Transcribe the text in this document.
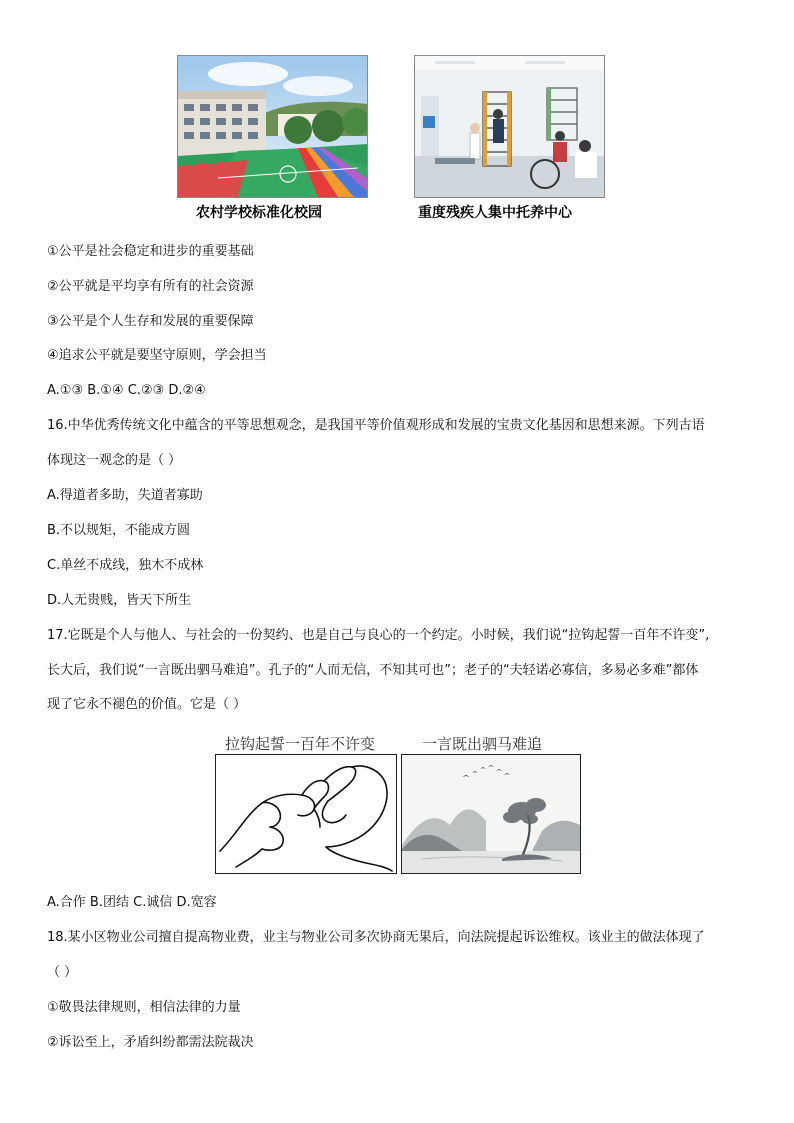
农村学校标准化校园	重度残疾人集中托养中心
①公平是社会稳定和进步的重要基础
②公平就是平均享有所有的社会资源
③公平是个人生存和发展的重要保障
④追求公平就是要坚守原则，学会担当
A.①③ B.①④ C.②③ D.②④
16.中华优秀传统文化中蕴含的平等思想观念，是我国平等价值观形成和发展的宝贵文化基因和思想来源。下列古语
体现这一观念的是（ ）
A.得道者多助，失道者寡助
B.不以规矩，不能成方圆
C.单丝不成线，独木不成林
D.人无贵贱，皆天下所生
17.它既是个人与他人、与社会的一份契约、也是自己与良心的一个约定。小时候，我们说“拉钩起誓一百年不许变”,
长大后，我们说“一言既出驷马难追”。孔子的“人而无信，不知其可也”；老子的“夫轻诺必寡信，多易必多难”都体
现了它永不褪色的价值。它是（ ）
拉钩起誓一百年不许变	一言既出驷马难追
A.合作 B.团结 C.诚信 D.宽容
18.某小区物业公司擅自提高物业费，业主与物业公司多次协商无果后，向法院提起诉讼维权。该业主的做法体现了
（ ）
①敬畏法律规则，相信法律的力量
②诉讼至上，矛盾纠纷都需法院裁决
